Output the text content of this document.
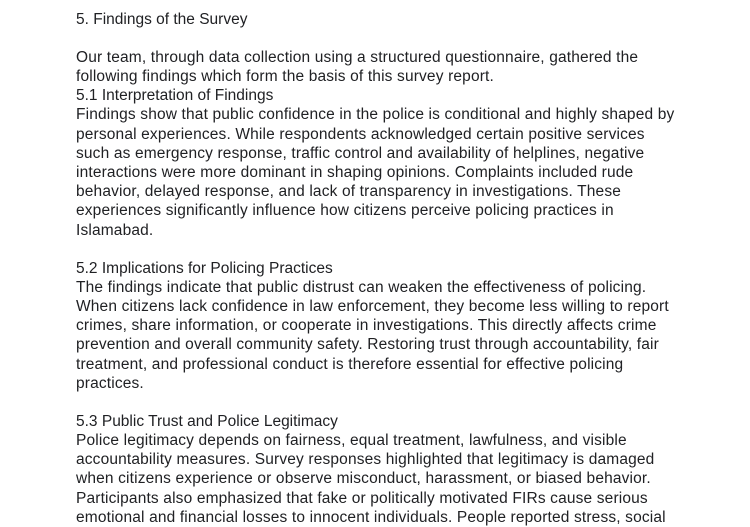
5. Findings of the Survey
Our team, through data collection using a structured questionnaire, gathered the following findings which form the basis of this survey report.
5.1 Interpretation of Findings
Findings show that public confidence in the police is conditional and highly shaped by personal experiences. While respondents acknowledged certain positive services such as emergency response, traffic control and availability of helplines, negative interactions were more dominant in shaping opinions. Complaints included rude behavior, delayed response, and lack of transparency in investigations. These experiences significantly influence how citizens perceive policing practices in Islamabad.
5.2 Implications for Policing Practices
The findings indicate that public distrust can weaken the effectiveness of policing. When citizens lack confidence in law enforcement, they become less willing to report crimes, share information, or cooperate in investigations. This directly affects crime prevention and overall community safety. Restoring trust through accountability, fair treatment, and professional conduct is therefore essential for effective policing practices.
5.3 Public Trust and Police Legitimacy
Police legitimacy depends on fairness, equal treatment, lawfulness, and visible accountability measures. Survey responses highlighted that legitimacy is damaged when citizens experience or observe misconduct, harassment, or biased behavior. Participants also emphasized that fake or politically motivated FIRs cause serious emotional and financial losses to innocent individuals. People reported stress, social
